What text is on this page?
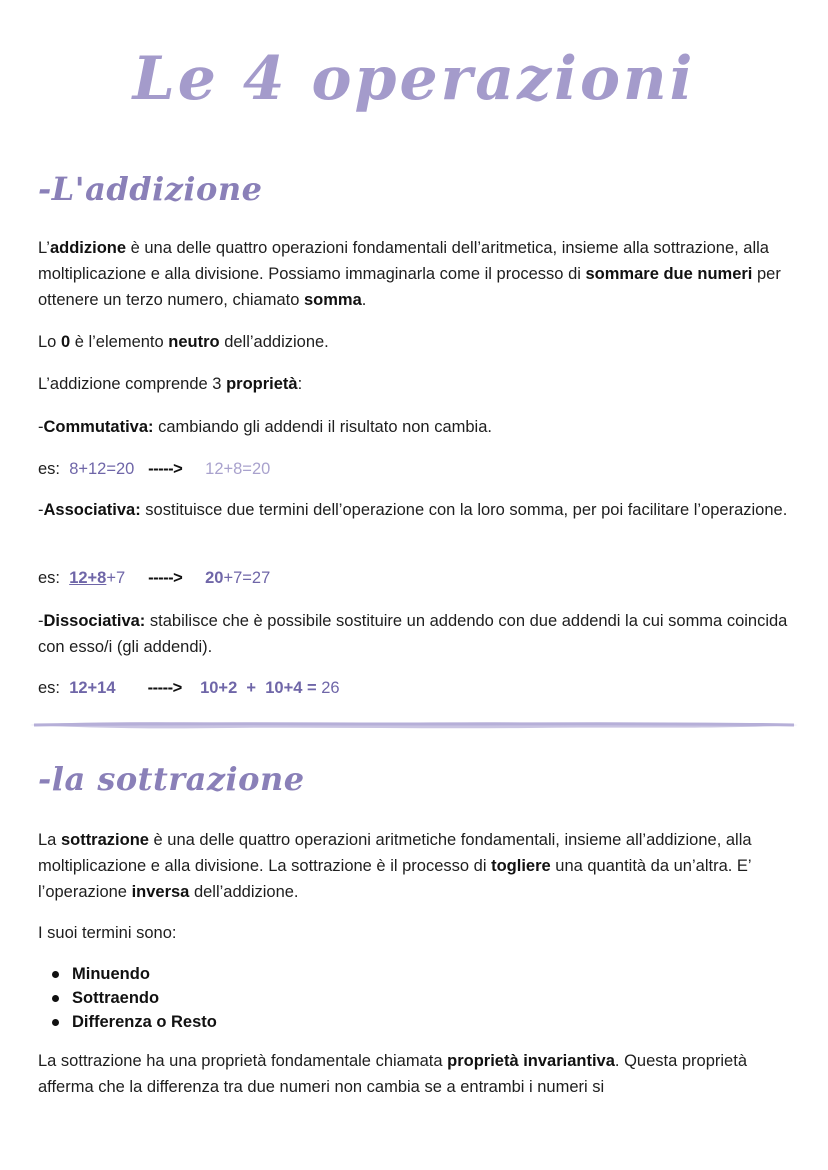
Le 4 operazioni
-L'addizione

L’addizione è una delle quattro operazioni fondamentali dell’aritmetica, insieme alla sottrazione, alla moltiplicazione e alla divisione. Possiamo immaginarla come il processo di sommare due numeri per ottenere un terzo numero, chiamato somma.

Lo 0 è l’elemento neutro dell’addizione.

L’addizione comprende 3 proprietà:

-Commutativa: cambiando gli addendi il risultato non cambia.

es: 8+12=20 -----> 12+8=20

-Associativa: sostituisce due termini dell’operazione con la loro somma, per poi facilitare l’operazione.

es: 12+8+7 -----> 20+7=27

-Dissociativa: stabilisce che è possibile sostituire un addendo con due addendi la cui somma coincida con esso/i (gli addendi).

es: 12+14 -----> 10+2  +  10+4 = 26

-la sottrazione

La sottrazione è una delle quattro operazioni aritmetiche fondamentali, insieme all’addizione, alla moltiplicazione e alla divisione. La sottrazione è il processo di togliere una quantità da un’altra. E’ l’operazione inversa dell’addizione.

I suoi termini sono:

Minuendo
Sottraendo
Differenza o Resto

La sottrazione ha una proprietà fondamentale chiamata proprietà invariantiva. Questa proprietà afferma che la differenza tra due numeri non cambia se a entrambi i numeri si
